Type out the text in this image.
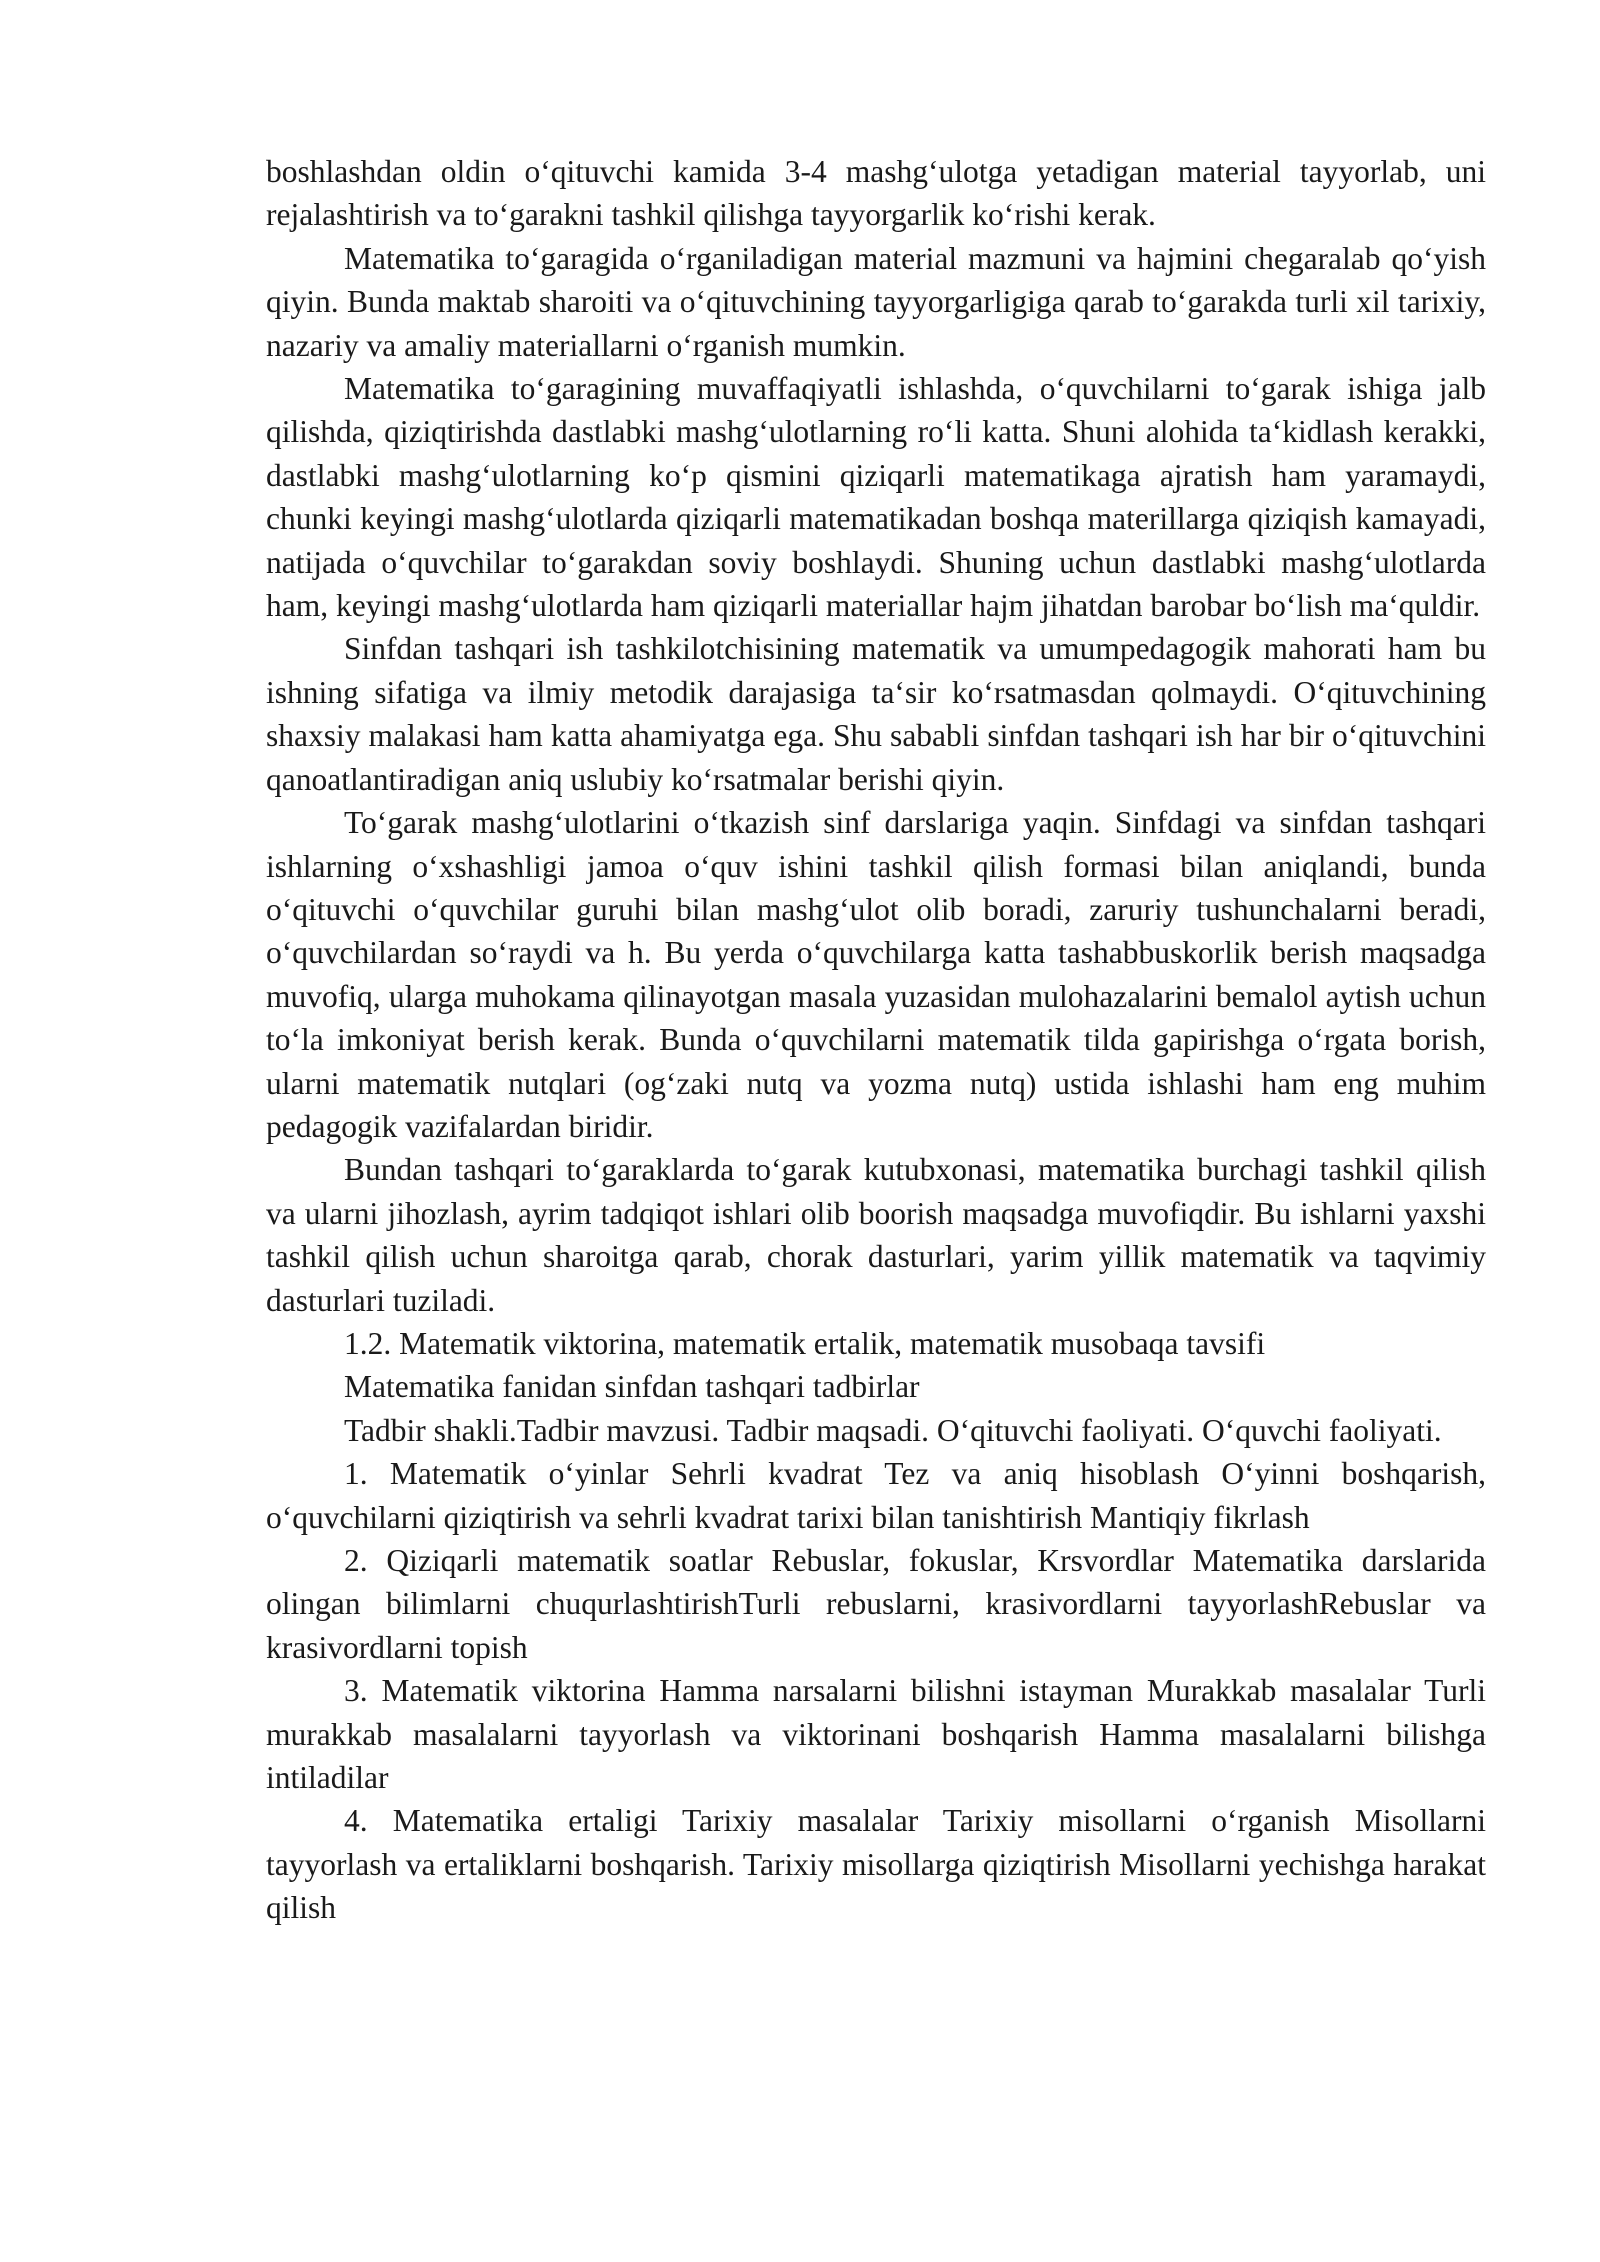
boshlashdan oldin o‘qituvchi kamida 3-4 mashg‘ulotga yetadigan material tayyorlab, uni rejalashtirish va to‘garakni tashkil qilishga tayyorgarlik ko‘rishi kerak.

Matematika to‘garagida o‘rganiladigan material mazmuni va hajmini chegaralab qo‘yish qiyin. Bunda maktab sharoiti va o‘qituvchining tayyorgarligiga qarab to‘garakda turli xil tarixiy, nazariy va amaliy materiallarni o‘rganish mumkin.

Matematika to‘garagining muvaffaqiyatli ishlashda, o‘quvchilarni to‘garak ishiga jalb qilishda, qiziqtirishda dastlabki mashg‘ulotlarning ro‘li katta. Shuni alohida ta‘kidlash kerakki, dastlabki mashg‘ulotlarning ko‘p qismini qiziqarli matematikaga ajratish ham yaramaydi, chunki keyingi mashg‘ulotlarda qiziqarli matematikadan boshqa materillarga qiziqish kamayadi, natijada o‘quvchilar to‘garakdan soviy boshlaydi. Shuning uchun dastlabki mashg‘ulotlarda ham, keyingi mashg‘ulotlarda ham qiziqarli materiallar hajm jihatdan barobar bo‘lish ma‘quldir.

Sinfdan tashqari ish tashkilotchisining matematik va umumpedagogik mahorati ham bu ishning sifatiga va ilmiy metodik darajasiga ta‘sir ko‘rsatmasdan qolmaydi. O‘qituvchining shaxsiy malakasi ham katta ahamiyatga ega. Shu sababli sinfdan tashqari ish har bir o‘qituvchini qanoatlantiradigan aniq uslubiy ko‘rsatmalar berishi qiyin.

To‘garak mashg‘ulotlarini o‘tkazish sinf darslariga yaqin. Sinfdagi va sinfdan tashqari ishlarning o‘xshashligi jamoa o‘quv ishini tashkil qilish formasi bilan aniqlandi, bunda o‘qituvchi o‘quvchilar guruhi bilan mashg‘ulot olib boradi, zaruriy tushunchalarni beradi, o‘quvchilardan so‘raydi va h. Bu yerda o‘quvchilarga katta tashabbuskorlik berish maqsadga muvofiq, ularga muhokama qilinayotgan masala yuzasidan mulohazalarini bemalol aytish uchun to‘la imkoniyat berish kerak. Bunda o‘quvchilarni matematik tilda gapirishga o‘rgata borish, ularni matematik nutqlari (og‘zaki nutq va yozma nutq) ustida ishlashi ham eng muhim pedagogik vazifalardan biridir.

Bundan tashqari to‘garaklarda to‘garak kutubxonasi, matematika burchagi tashkil qilish va ularni jihozlash, ayrim tadqiqot ishlari olib boorish maqsadga muvofiqdir. Bu ishlarni yaxshi tashkil qilish uchun sharoitga qarab, chorak dasturlari, yarim yillik matematik va taqvimiy dasturlari tuziladi.

1.2. Matematik viktorina, matematik ertalik, matematik musobaqa tavsifi

Matematika fanidan sinfdan tashqari tadbirlar

Tadbir shakli.Tadbir mavzusi. Tadbir maqsadi. O‘qituvchi faoliyati. O‘quvchi faoliyati.

1. Matematik o‘yinlar Sehrli kvadrat Tez va aniq hisoblash O‘yinni boshqarish, o‘quvchilarni qiziqtirish va sehrli kvadrat tarixi bilan tanishtirish Mantiqiy fikrlash

2. Qiziqarli matematik soatlar Rebuslar, fokuslar, Krsvordlar Matematika darslarida olingan bilimlarni chuqurlashtirishTurli rebuslarni, krasivordlarni tayyorlashRebuslar va krasivordlarni topish

3. Matematik viktorina Hamma narsalarni bilishni istayman Murakkab masalalar Turli murakkab masalalarni tayyorlash va viktorinani boshqarish Hamma masalalarni bilishga intiladilar

4. Matematika ertaligi Tarixiy masalalar Tarixiy misollarni o‘rganish Misollarni tayyorlash va ertaliklarni boshqarish. Tarixiy misollarga qiziqtirish Misollarni yechishga harakat qilish
